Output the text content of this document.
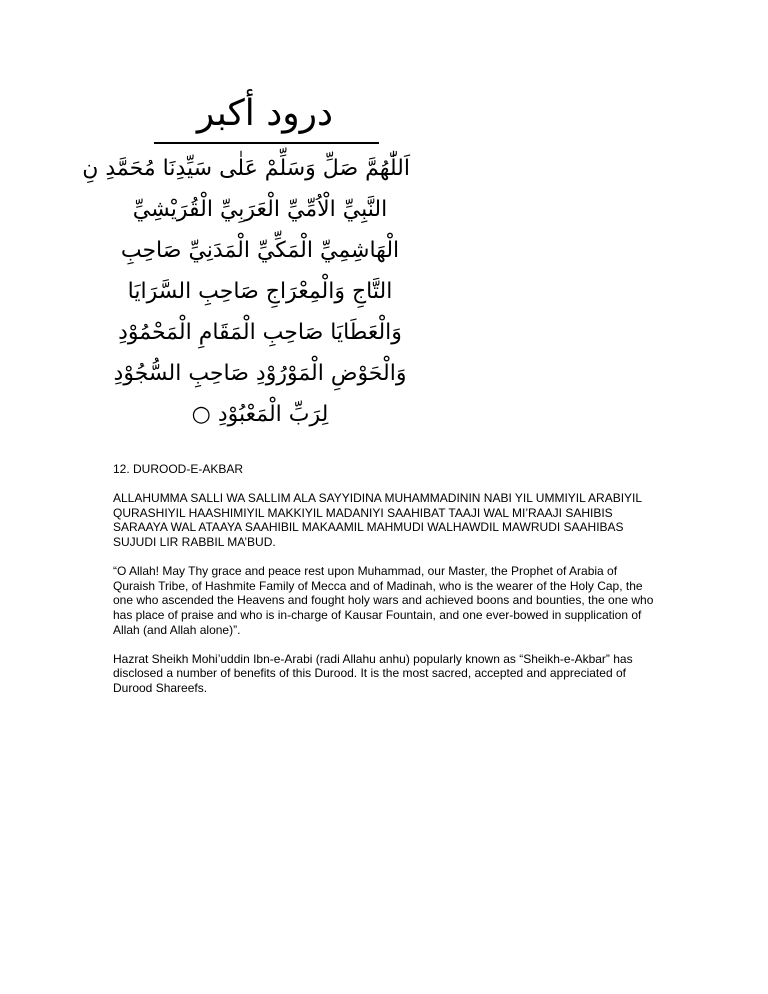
درود أكبر
اَللّٰهُمَّ صَلِّ وَسَلِّمْ عَلٰى سَيِّدِنَا مُحَمَّدِ نِ
النَّبِيِّ الْاُمِّيِّ الْعَرَبِيِّ الْقُرَيْشِيِّ
الْهَاشِمِيِّ الْمَكِّيِّ الْمَدَنِيِّ صَاحِبِ
التَّاجِ وَالْمِعْرَاجِ صَاحِبِ السَّرَايَا
وَالْعَطَايَا صَاحِبِ الْمَقَامِ الْمَحْمُوْدِ
وَالْحَوْضِ الْمَوْرُوْدِ صَاحِبِ السُّجُوْدِ
لِرَبِّ الْمَعْبُوْدِ ○

12. DUROOD-E-AKBAR

ALLAHUMMA SALLI WA SALLIM ALA SAYYIDINA MUHAMMADININ NABI YIL UMMIYIL ARABIYIL QURASHIYIL HAASHIMIYIL MAKKIYIL MADANIYI SAAHIBAT TAAJI WAL MI’RAAJI SAHIBIS SARAAYA WAL ATAAYA SAAHIBIL MAKAAMIL MAHMUDI WALHAWDIL MAWRUDI SAAHIBAS SUJUDI LIR RABBIL MA’BUD.

“O Allah! May Thy grace and peace rest upon Muhammad, our Master, the Prophet of Arabia of Quraish Tribe, of Hashmite Family of Mecca and of Madinah, who is the wearer of the Holy Cap, the one who ascended the Heavens and fought holy wars and achieved boons and bounties, the one who has place of praise and who is in-charge of Kausar Fountain, and one ever-bowed in supplication of Allah (and Allah alone)”.

Hazrat Sheikh Mohi’uddin Ibn-e-Arabi (radi Allahu anhu) popularly known as “Sheikh-e-Akbar” has disclosed a number of benefits of this Durood. It is the most sacred, accepted and appreciated of Durood Shareefs.
